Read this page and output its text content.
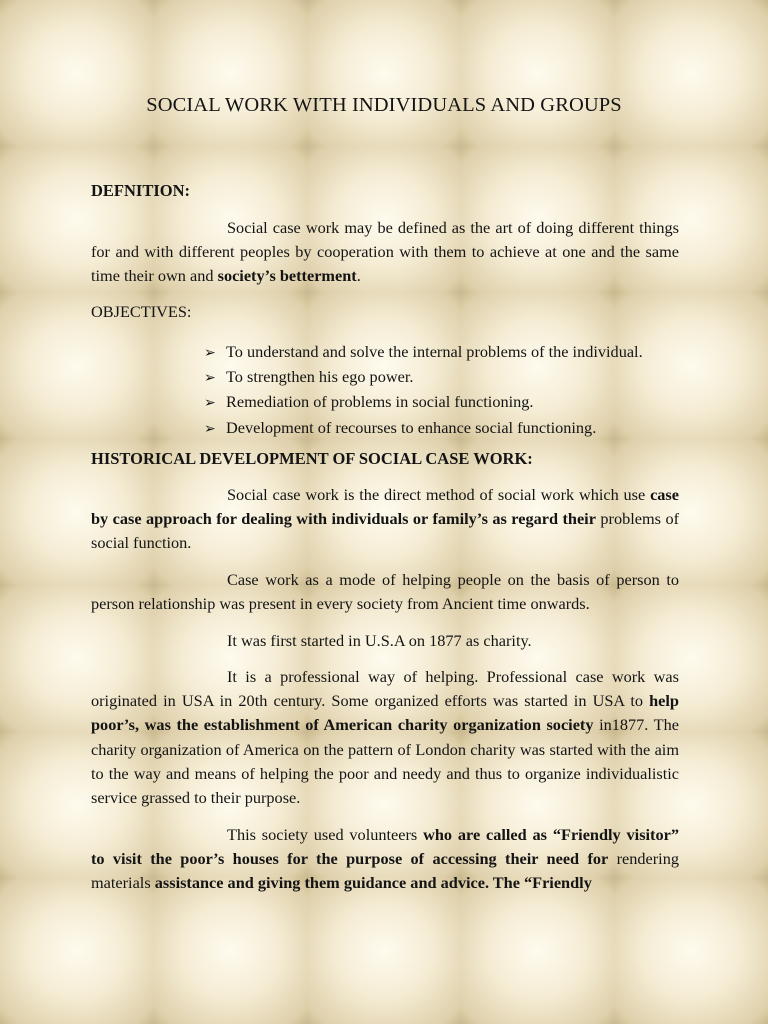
SOCIAL WORK WITH INDIVIDUALS AND GROUPS
DEFNITION:

Social case work may be defined as the art of doing different things for and with different peoples by cooperation with them to achieve at one and the same time their own and society’s betterment.

OBJECTIVES:

➢ To understand and solve the internal problems of the individual.
➢ To strengthen his ego power.
➢ Remediation of problems in social functioning.
➢ Development of recourses to enhance social functioning.
HISTORICAL DEVELOPMENT OF SOCIAL CASE WORK:

Social case work is the direct method of social work which use case by case approach for dealing with individuals or family’s as regard their problems of social function.

Case work as a mode of helping people on the basis of person to person relationship was present in every society from Ancient time onwards.

It was first started in U.S.A on 1877 as charity.

It is a professional way of helping. Professional case work was originated in USA in 20th century. Some organized efforts was started in USA to help poor’s, was the establishment of American charity organization society in1877. The charity organization of America on the pattern of London charity was started with the aim to the way and means of helping the poor and needy and thus to organize individualistic service grassed to their purpose.

This society used volunteers who are called as “Friendly visitor” to visit the poor’s houses for the purpose of accessing their need for rendering materials assistance and giving them guidance and advice. The “Friendly
